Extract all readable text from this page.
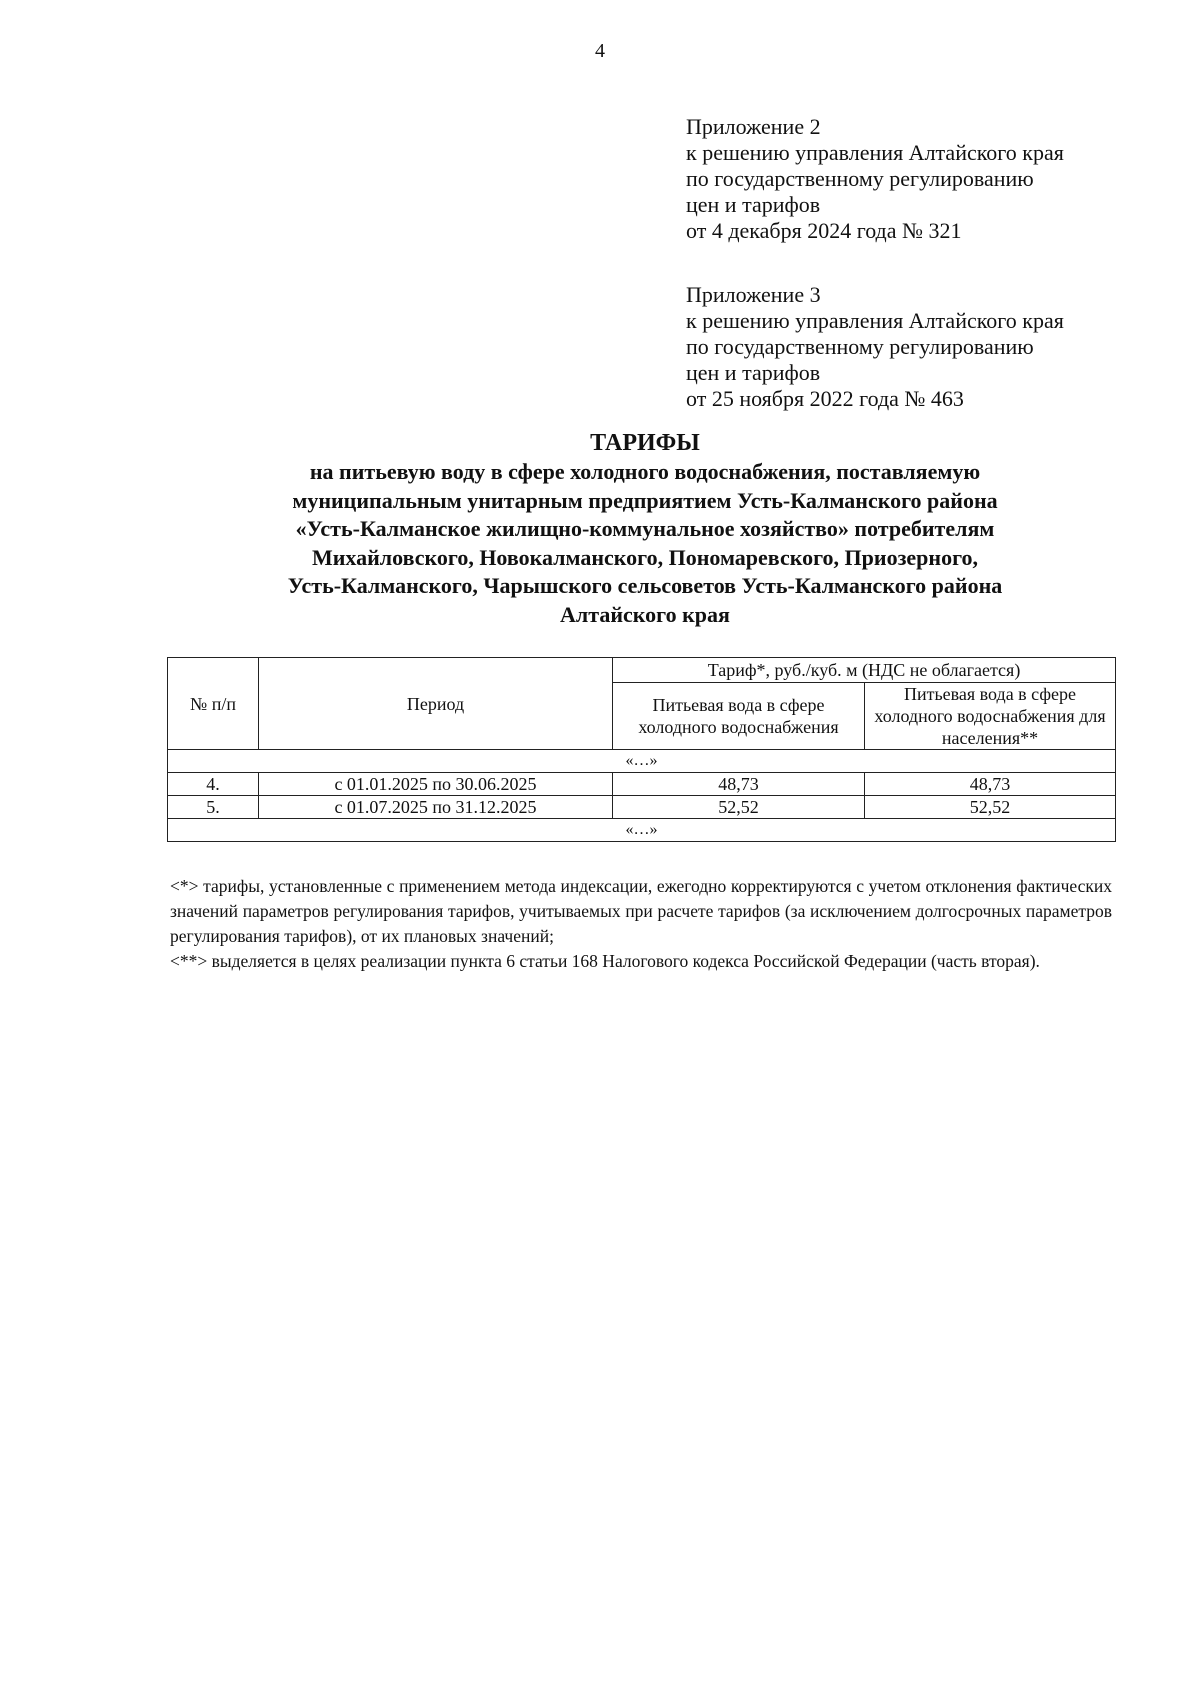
4
Приложение 2
к решению управления Алтайского края
по государственному регулированию
цен и тарифов
от 4 декабря 2024 года № 321
Приложение 3
к решению управления Алтайского края
по государственному регулированию
цен и тарифов
от 25 ноября 2022 года № 463
ТАРИФЫ
на питьевую воду в сфере холодного водоснабжения, поставляемую
муниципальным унитарным предприятием Усть-Калманского района
«Усть-Калманское жилищно-коммунальное хозяйство» потребителям
Михайловского, Новокалманского, Пономаревского, Приозерного,
Усть-Калманского, Чарышского сельсоветов Усть-Калманского района
Алтайского края
№ п/п	Период	Тариф*, руб./куб. м (НДС не облагается)	
		Питьевая вода в сфере холодного водоснабжения	Питьевая вода в сфере холодного водоснабжения для населения**
«…»			
4.	с 01.01.2025 по 30.06.2025	48,73	48,73
5.	с 01.07.2025 по 31.12.2025	52,52	52,52
«…»			

<*> тарифы, установленные с применением метода индексации, ежегодно корректируются с учетом отклонения фактических значений параметров регулирования тарифов, учитываемых при расчете тарифов (за исключением долгосрочных параметров регулирования тарифов), от их плановых значений;

<**> выделяется в целях реализации пункта 6 статьи 168 Налогового кодекса Российской Федерации (часть вторая).
